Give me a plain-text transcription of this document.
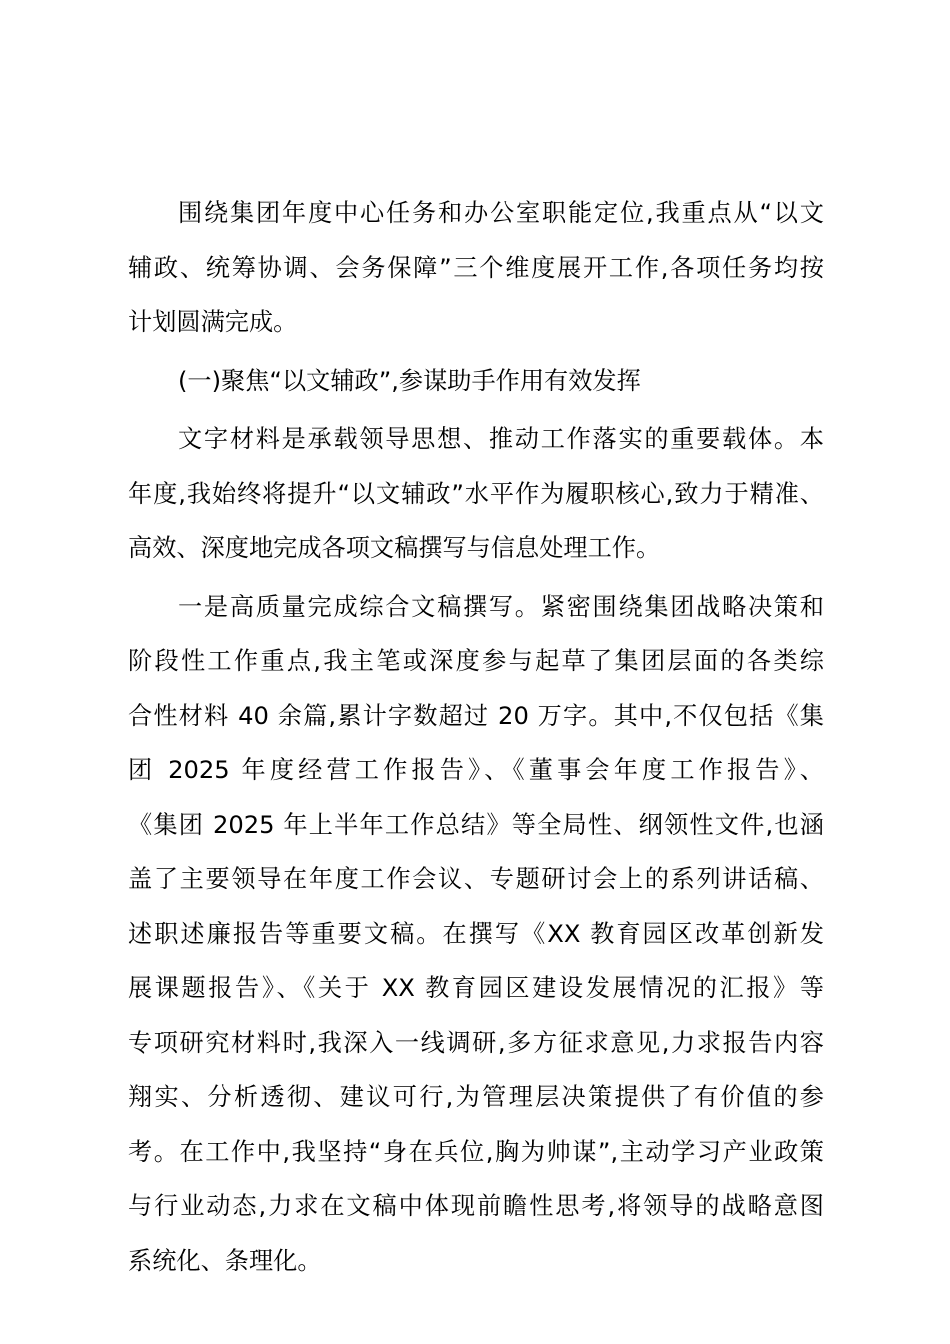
围绕集团年度中心任务和办公室职能定位,我重点从“以文
辅政、统筹协调、会务保障”三个维度展开工作,各项任务均按
计划圆满完成。
(一)聚焦“以文辅政”,参谋助手作用有效发挥
文字材料是承载领导思想、推动工作落实的重要载体。本
年度,我始终将提升“以文辅政”水平作为履职核心,致力于精准、
高效、深度地完成各项文稿撰写与信息处理工作。
一是高质量完成综合文稿撰写。紧密围绕集团战略决策和
阶段性工作重点,我主笔或深度参与起草了集团层面的各类综
合性材料 40 余篇,累计字数超过 20 万字。其中,不仅包括《集
团 2025 年度经营工作报告》、《董事会年度工作报告》、
《集团 2025 年上半年工作总结》等全局性、纲领性文件,也涵
盖了主要领导在年度工作会议、专题研讨会上的系列讲话稿、
述职述廉报告等重要文稿。在撰写《XX 教育园区改革创新发
展课题报告》、《关于 XX 教育园区建设发展情况的汇报》等
专项研究材料时,我深入一线调研,多方征求意见,力求报告内容
翔实、分析透彻、建议可行,为管理层决策提供了有价值的参
考。在工作中,我坚持“身在兵位,胸为帅谋”,主动学习产业政策
与行业动态,力求在文稿中体现前瞻性思考,将领导的战略意图
系统化、条理化。
